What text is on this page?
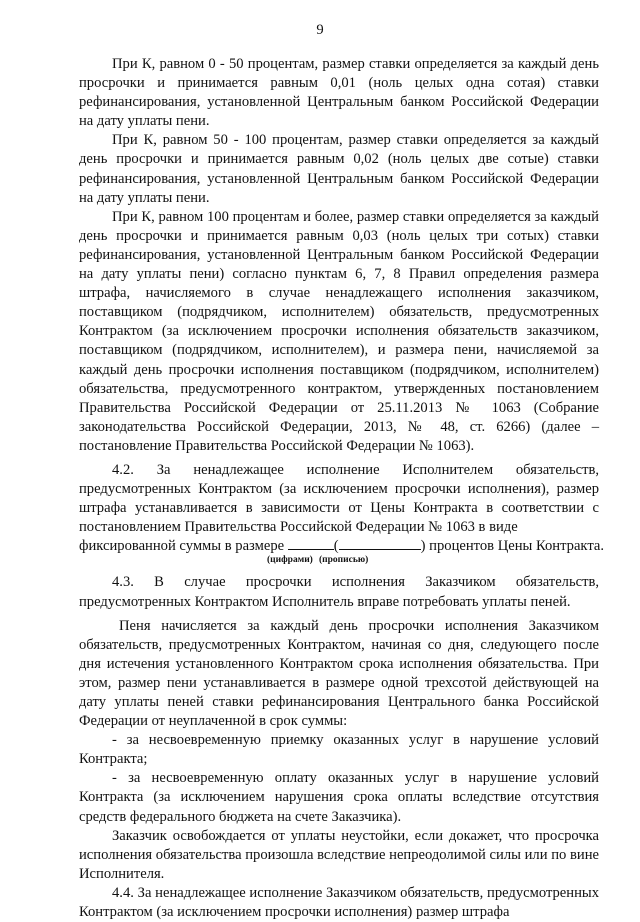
9

При К, равном 0 - 50 процентам, размер ставки определяется за каждый день просрочки и принимается равным 0,01 (ноль целых одна сотая) ставки рефинансирования, установленной Центральным банком Российской Федерации на дату уплаты пени.

При К, равном 50 - 100 процентам, размер ставки определяется за каждый день просрочки и принимается равным 0,02 (ноль целых две сотые) ставки рефинансирования, установленной Центральным банком Российской Федерации на дату уплаты пени.

При К, равном 100 процентам и более, размер ставки определяется за каждый день просрочки и принимается равным 0,03 (ноль целых три сотых) ставки рефинансирования, установленной Центральным банком Российской Федерации на дату уплаты пени) согласно пунктам 6, 7, 8 Правил определения размера штрафа, начисляемого в случае ненадлежащего исполнения заказчиком, поставщиком (подрядчиком, исполнителем) обязательств, предусмотренных Контрактом (за исключением просрочки исполнения обязательств заказчиком, поставщиком (подрядчиком, исполнителем), и размера пени, начисляемой за каждый день просрочки исполнения поставщиком (подрядчиком, исполнителем) обязательства, предусмотренного контрактом, утвержденных постановлением Правительства Российской Федерации от 25.11.2013 № 1063 (Собрание законодательства Российской Федерации, 2013, № 48, ст. 6266) (далее – постановление Правительства Российской Федерации № 1063).

4.2. За ненадлежащее исполнение Исполнителем обязательств, предусмотренных Контрактом (за исключением просрочки исполнения), размер штрафа устанавливается в зависимости от Цены Контракта в соответствии с постановлением Правительства Российской Федерации № 1063 в виде

фиксированной суммы в размере	(	) процентов Цены Контракта.
(цифрами) (прописью)

4.3. В случае просрочки исполнения Заказчиком обязательств, предусмотренных Контрактом Исполнитель вправе потребовать уплаты пеней.

Пеня начисляется за каждый день просрочки исполнения Заказчиком обязательств, предусмотренных Контрактом, начиная со дня, следующего после дня истечения установленного Контрактом срока исполнения обязательства. При этом, размер пени устанавливается в размере одной трехсотой действующей на дату уплаты пеней ставки рефинансирования Центрального банка Российской Федерации от неуплаченной в срок суммы:

- за несвоевременную приемку оказанных услуг в нарушение условий Контракта;

- за несвоевременную оплату оказанных услуг в нарушение условий Контракта (за исключением нарушения срока оплаты вследствие отсутствия средств федерального бюджета на счете Заказчика).

Заказчик освобождается от уплаты неустойки, если докажет, что просрочка исполнения обязательства произошла вследствие непреодолимой силы или по вине Исполнителя.

4.4. За ненадлежащее исполнение Заказчиком обязательств, предусмотренных Контрактом (за исключением просрочки исполнения) размер штрафа
